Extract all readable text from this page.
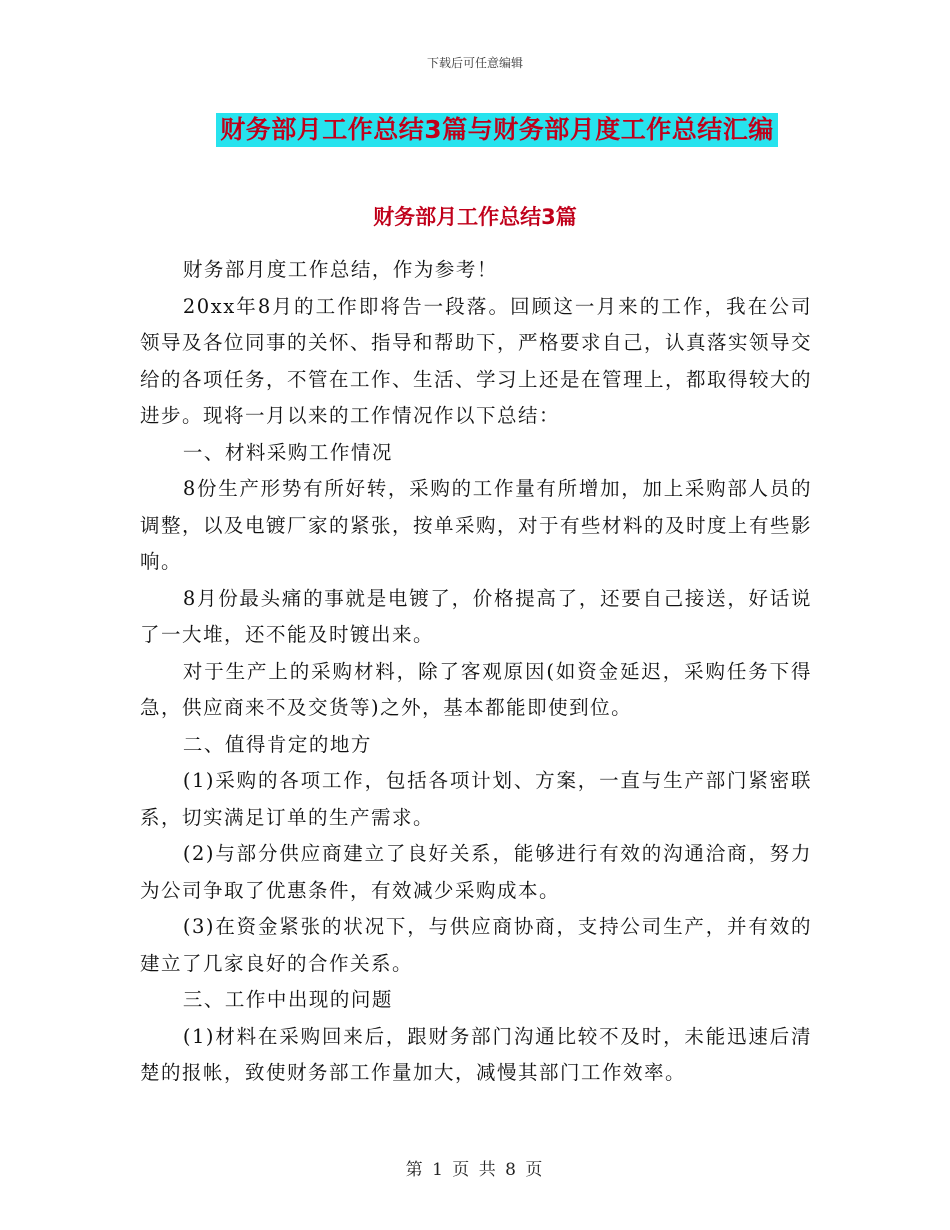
下载后可任意编辑
财务部月工作总结3篇与财务部月度工作总结汇编
财务部月工作总结3篇

财务部月度工作总结，作为参考！

20xx年8月的工作即将告一段落。回顾这一月来的工作，我在公司领导及各位同事的关怀、指导和帮助下，严格要求自己，认真落实领导交给的各项任务，不管在工作、生活、学习上还是在管理上，都取得较大的进步。现将一月以来的工作情况作以下总结：

一、材料采购工作情况

8份生产形势有所好转，采购的工作量有所增加，加上采购部人员的调整，以及电镀厂家的紧张，按单采购，对于有些材料的及时度上有些影响。

8月份最头痛的事就是电镀了，价格提高了，还要自己接送，好话说了一大堆，还不能及时镀出来。

对于生产上的采购材料，除了客观原因(如资金延迟，采购任务下得急，供应商来不及交货等)之外，基本都能即使到位。

二、值得肯定的地方

(1)采购的各项工作，包括各项计划、方案，一直与生产部门紧密联系，切实满足订单的生产需求。

(2)与部分供应商建立了良好关系，能够进行有效的沟通洽商，努力为公司争取了优惠条件，有效减少采购成本。

(3)在资金紧张的状况下，与供应商协商，支持公司生产，并有效的建立了几家良好的合作关系。

三、工作中出现的问题

(1)材料在采购回来后，跟财务部门沟通比较不及时，未能迅速后清楚的报帐，致使财务部工作量加大，减慢其部门工作效率。

第 1 页 共 8 页
